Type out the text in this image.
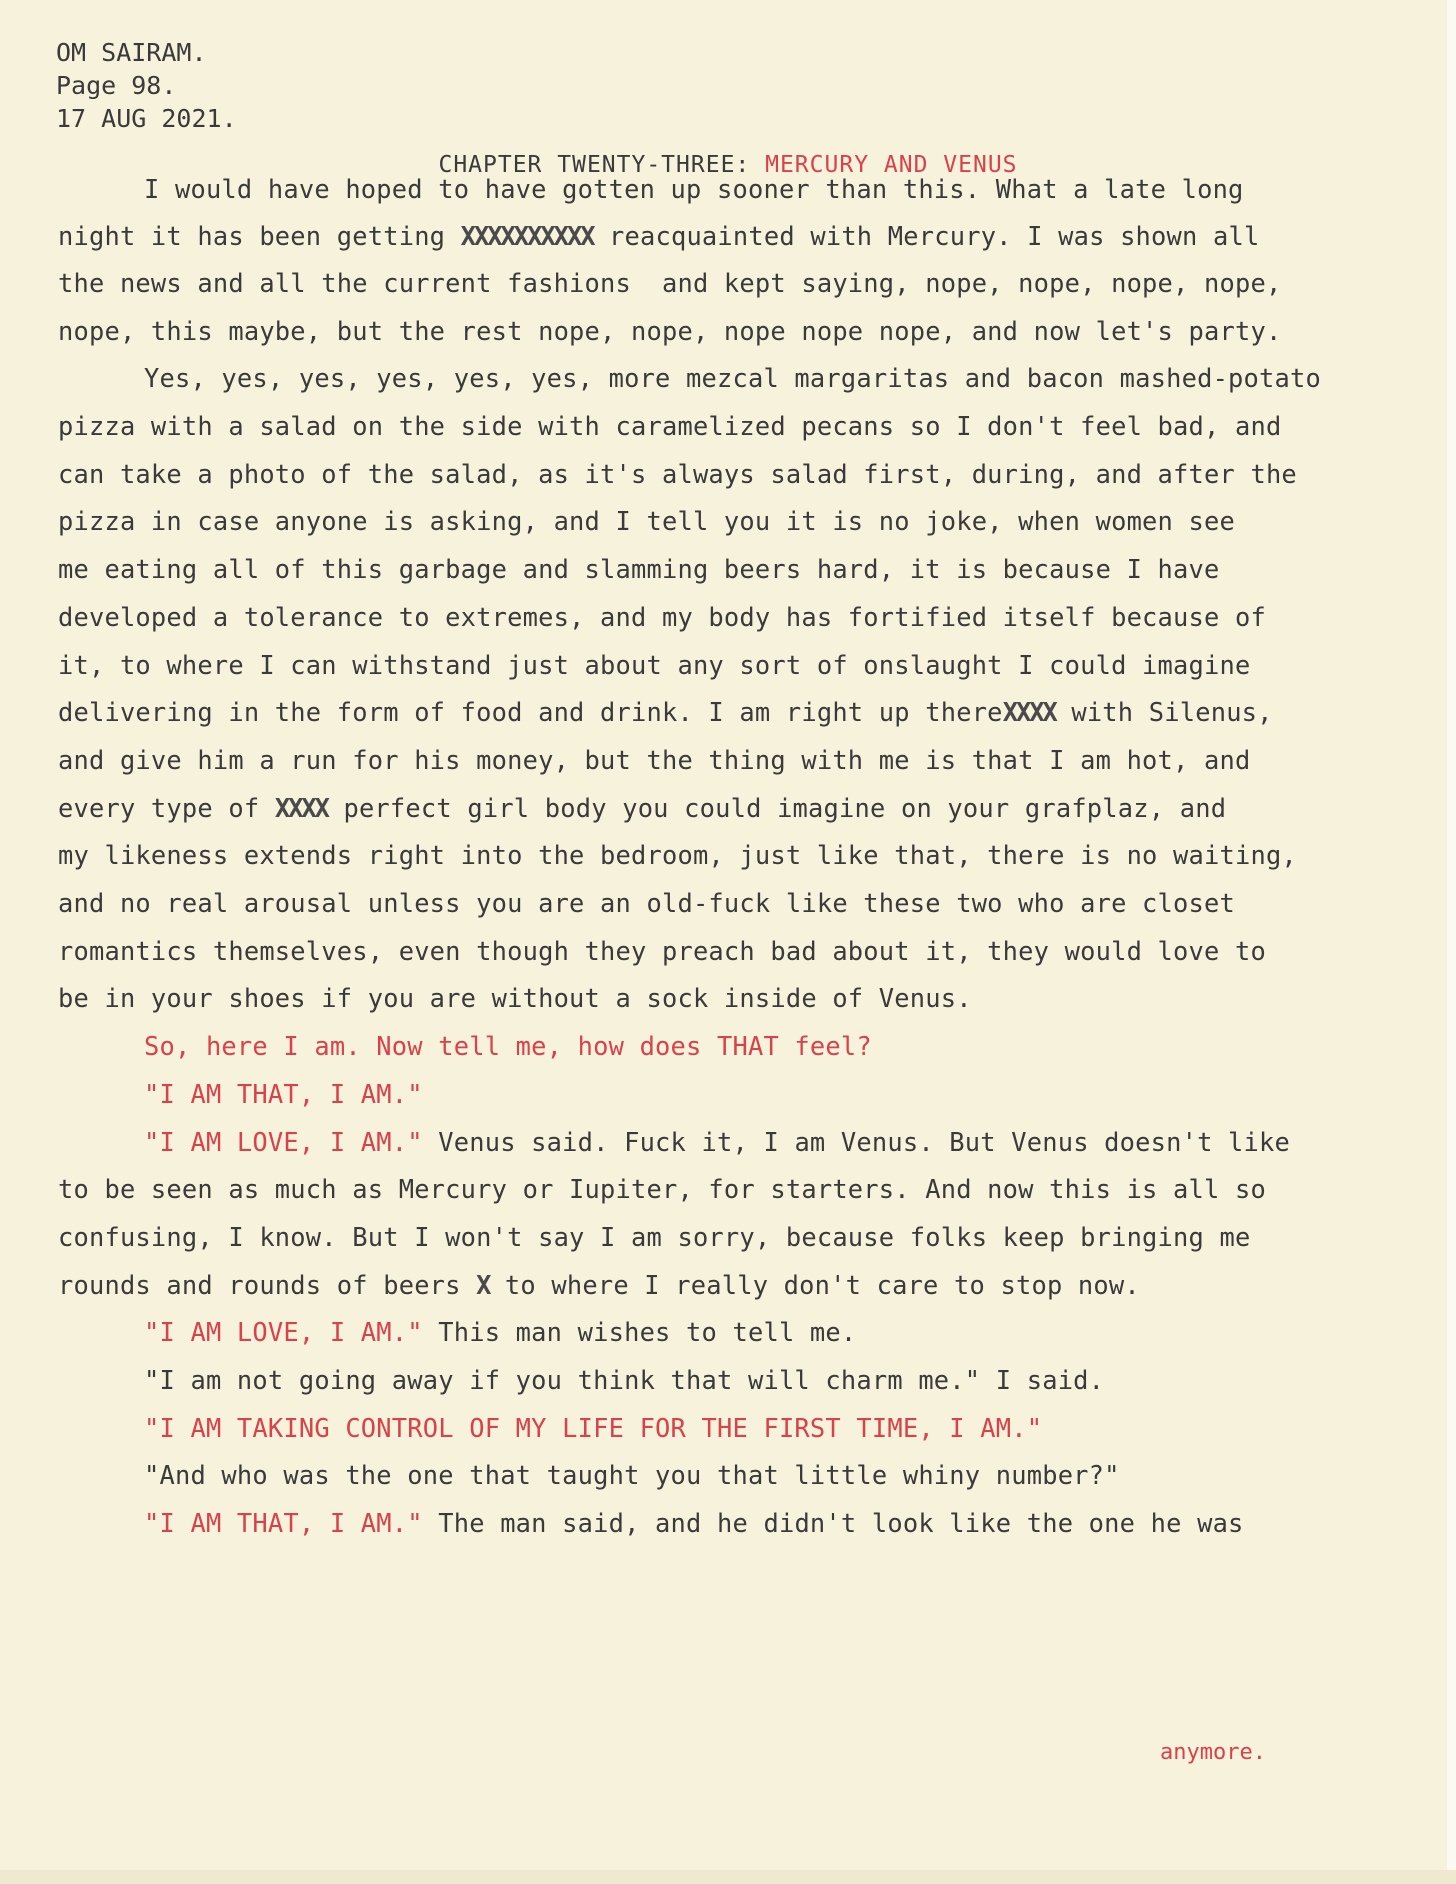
OM SAIRAM.
Page 98.
17 AUG 2021.
CHAPTER TWENTY-THREE: MERCURY AND VENUS
I would have hoped to have gotten up sooner than this. What a late long
night it has been getting XXXXXXXXXX reacquainted with Mercury. I was shown all
the news and all the current fashions  and kept saying, nope, nope, nope, nope,
nope, this maybe, but the rest nope, nope, nope nope nope, and now let's party.
Yes, yes, yes, yes, yes, yes, more mezcal margaritas and bacon mashed-potato
pizza with a salad on the side with caramelized pecans so I don't feel bad, and
can take a photo of the salad, as it's always salad first, during, and after the
pizza in case anyone is asking, and I tell you it is no joke, when women see
me eating all of this garbage and slamming beers hard, it is because I have
developed a tolerance to extremes, and my body has fortified itself because of
it, to where I can withstand just about any sort of onslaught I could imagine
delivering in the form of food and drink. I am right up thereXXXX with Silenus,
and give him a run for his money, but the thing with me is that I am hot, and
every type of XXXX perfect girl body you could imagine on your grafplaz, and
my likeness extends right into the bedroom, just like that, there is no waiting,
and no real arousal unless you are an old-fuck like these two who are closet
romantics themselves, even though they preach bad about it, they would love to
be in your shoes if you are without a sock inside of Venus.
So, here I am. Now tell me, how does THAT feel?
"I AM THAT, I AM."
"I AM LOVE, I AM." Venus said. Fuck it, I am Venus. But Venus doesn't like
to be seen as much as Mercury or Iupiter, for starters. And now this is all so
confusing, I know. But I won't say I am sorry, because folks keep bringing me
rounds and rounds of beers X to where I really don't care to stop now.
"I AM LOVE, I AM." This man wishes to tell me.
"I am not going away if you think that will charm me." I said.
"I AM TAKING CONTROL OF MY LIFE FOR THE FIRST TIME, I AM."
"And who was the one that taught you that little whiny number?"
anymore.
"I AM THAT, I AM." The man said, and he didn't look like the one he was
